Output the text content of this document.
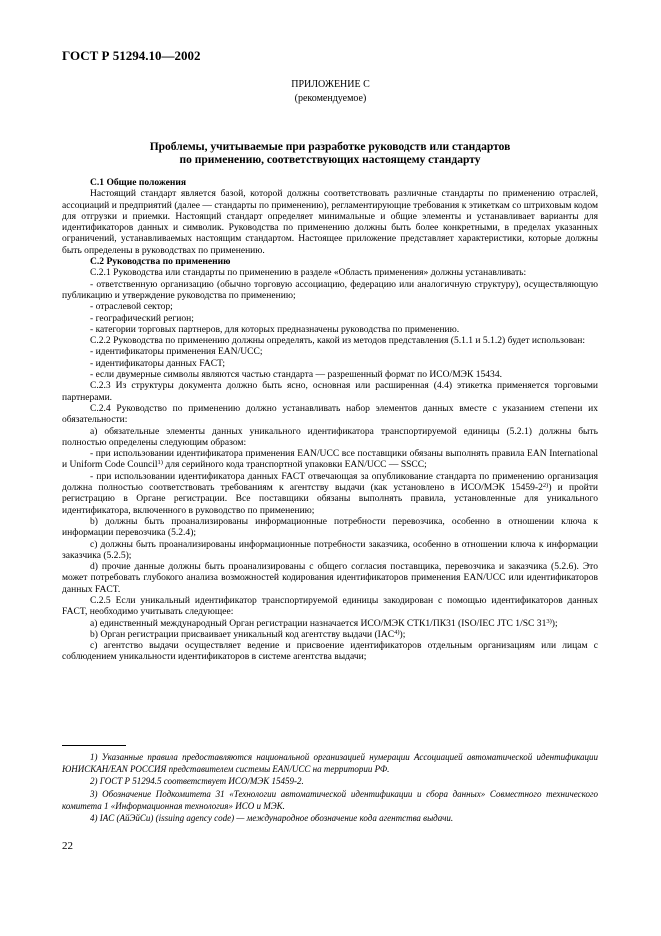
ГОСТ Р 51294.10—2002
ПРИЛОЖЕНИЕ С
(рекомендуемое)
Проблемы, учитываемые при разработке руководств или стандартов
по применению, соответствующих настоящему стандарту

С.1 Общие положения

Настоящий стандарт является базой, которой должны соответствовать различные стандарты по применению отраслей, ассоциаций и предприятий (далее — стандарты по применению), регламентирующие требования к этикеткам со штриховым кодом для отгрузки и приемки. Настоящий стандарт определяет минимальные и общие элементы и устанавливает варианты для идентификаторов данных и символик. Руководства по применению должны быть более конкретными, в пределах указанных ограничений, устанавливаемых настоящим стандартом. Настоящее приложение представляет характеристики, которые должны быть определены в руководствах по применению.

С.2 Руководства по применению

С.2.1 Руководства или стандарты по применению в разделе «Область применения» должны устанавливать:

- ответственную организацию (обычно торговую ассоциацию, федерацию или аналогичную структуру), осуществляющую публикацию и утверждение руководства по применению;

- отраслевой сектор;

- географический регион;

- категории торговых партнеров, для которых предназначены руководства по применению.

С.2.2 Руководства по применению должны определять, какой из методов представления (5.1.1 и 5.1.2) будет использован:

- идентификаторы применения EAN/UCC;

- идентификаторы данных FACT;

- если двумерные символы являются частью стандарта — разрешенный формат по ИСО/МЭК 15434.

С.2.3 Из структуры документа должно быть ясно, основная или расширенная (4.4) этикетка применяется торговыми партнерами.

С.2.4 Руководство по применению должно устанавливать набор элементов данных вместе с указанием степени их обязательности:

а) обязательные элементы данных уникального идентификатора транспортируемой единицы (5.2.1) должны быть полностью определены следующим образом:

- при использовании идентификатора применения EAN/UCC все поставщики обязаны выполнять правила EAN International и Uniform Code Council$^{1)}$ для серийного кода транспортной упаковки EAN/UCC — SSCC;

- при использовании идентификатора данных FACT отвечающая за опубликование стандарта по применению организация должна полностью соответствовать требованиям к агентству выдачи (как установлено в ИСО/МЭК 15459-2$^{2)}$) и пройти регистрацию в Органе регистрации. Все поставщики обязаны выполнять правила, установленные для уникального идентификатора, включенного в руководство по применению;

b) должны быть проанализированы информационные потребности перевозчика, особенно в отношении ключа к информации перевозчика (5.2.4);

с) должны быть проанализированы информационные потребности заказчика, особенно в отношении ключа к информации заказчика (5.2.5);

d) прочие данные должны быть проанализированы с общего согласия поставщика, перевозчика и заказчика (5.2.6). Это может потребовать глубокого анализа возможностей кодирования идентификаторов применения EAN/UCC или идентификаторов данных FACT.

С.2.5 Если уникальный идентификатор транспортируемой единицы закодирован с помощью идентификаторов данных FACT, необходимо учитывать следующее:

а) единственный международный Орган регистрации назначается ИСО/МЭК СТК1/ПК31 (ISO/IEC JTC 1/SC 31$^{3)}$);

b) Орган регистрации присваивает уникальный код агентству выдачи (IAC$^{4)}$);

с) агентство выдачи осуществляет ведение и присвоение идентификаторов отдельным организациям или лицам с соблюдением уникальности идентификаторов в системе агентства выдачи;

1) Указанные правила предоставляются национальной организацией нумерации Ассоциацией автоматической идентификации ЮНИСКАН/EAN РОССИЯ представителем системы EAN/UCC на территории РФ.

2) ГОСТ Р 51294.5 соответствует ИСО/МЭК 15459-2.

3) Обозначение Подкомитета 31 «Технологии автоматической идентификации и сбора данных» Совместного технического комитета 1 «Информационная технология» ИСО и МЭК.

4) IAC (АйЭйСи) (issuing agency code) — международное обозначение кода агентства выдачи.

22
